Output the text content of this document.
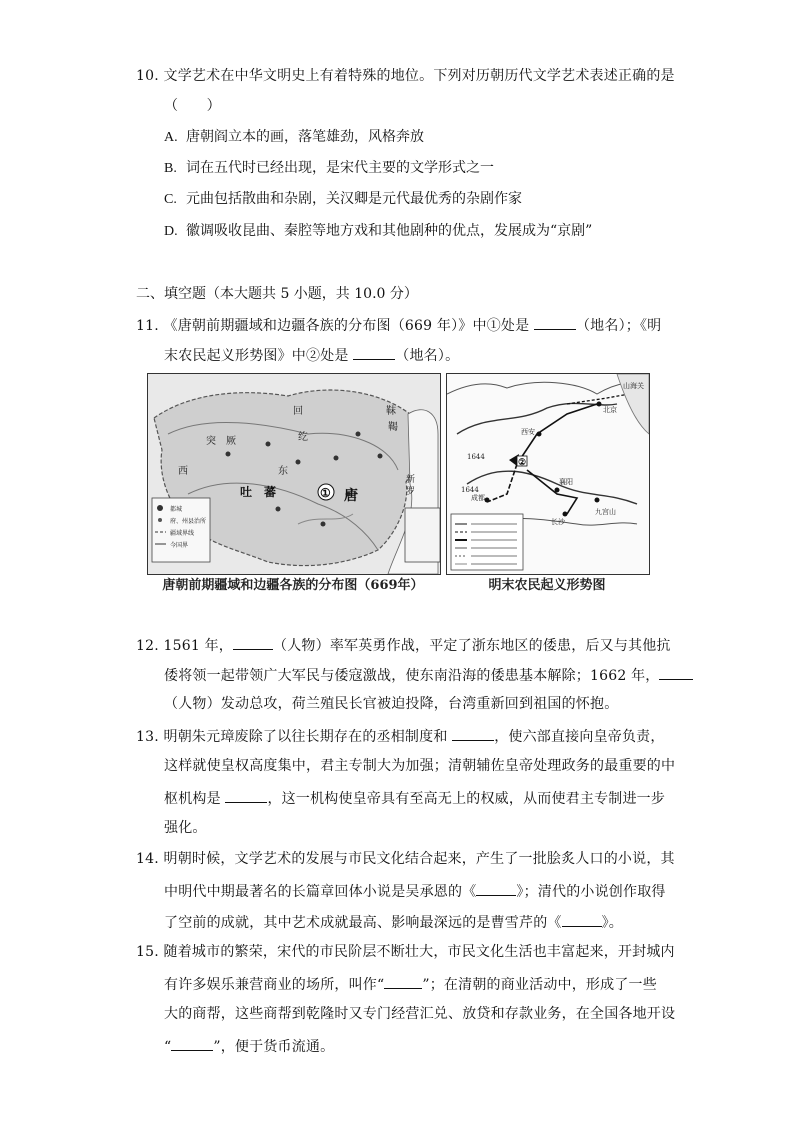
10. 文学艺术在中华文明史上有着特殊的地位。下列对历朝历代文学艺术表述正确的是
（　　）
A. 唐朝阎立本的画，落笔雄劲，风格奔放
B. 词在五代时已经出现，是宋代主要的文学形式之一
C. 元曲包括散曲和杂剧，关汉卿是元代最优秀的杂剧作家
D. 徽调吸收昆曲、秦腔等地方戏和其他剧种的优点，发展成为“京剧”
二、填空题（本大题共 5 小题，共 10.0 分）
11. 《唐朝前期疆域和边疆各族的分布图（669 年）》中①处是	（地名）；《明
末农民起义形势图》中②处是	（地名）。
都城
府、州县治所
疆域界线
今国界
西
突　厥
回
纥
东
靺
鞨
新
罗
吐　蕃	① 唐
北京
山海关
西安
1644
1644
成都
襄阳
长沙
九宫山
②
唐朝前期疆域和边疆各族的分布图（669年）	明末农民起义形势图
12. 1561 年，	（人物）率军英勇作战，平定了浙东地区的倭患，后又与其他抗
倭将领一起带领广大军民与倭寇激战，使东南沿海的倭患基本解除；1662 年，
（人物）发动总攻，荷兰殖民长官被迫投降，台湾重新回到祖国的怀抱。
13. 明朝朱元璋废除了以往长期存在的丞相制度和	，使六部直接向皇帝负责，
这样就使皇权高度集中，君主专制大为加强；清朝辅佐皇帝处理政务的最重要的中
枢机构是	，这一机构使皇帝具有至高无上的权威，从而使君主专制进一步
强化。
14. 明朝时候，文学艺术的发展与市民文化结合起来，产生了一批脍炙人口的小说，其
中明代中期最著名的长篇章回体小说是吴承恩的《	》；清代的小说创作取得
了空前的成就，其中艺术成就最高、影响最深远的是曹雪芹的《	》。
15. 随着城市的繁荣，宋代的市民阶层不断壮大，市民文化生活也丰富起来，开封城内
有许多娱乐兼营商业的场所，叫作“	”；在清朝的商业活动中，形成了一些
大的商帮，这些商帮到乾隆时又专门经营汇兑、放贷和存款业务，在全国各地开设
“	”，便于货币流通。
